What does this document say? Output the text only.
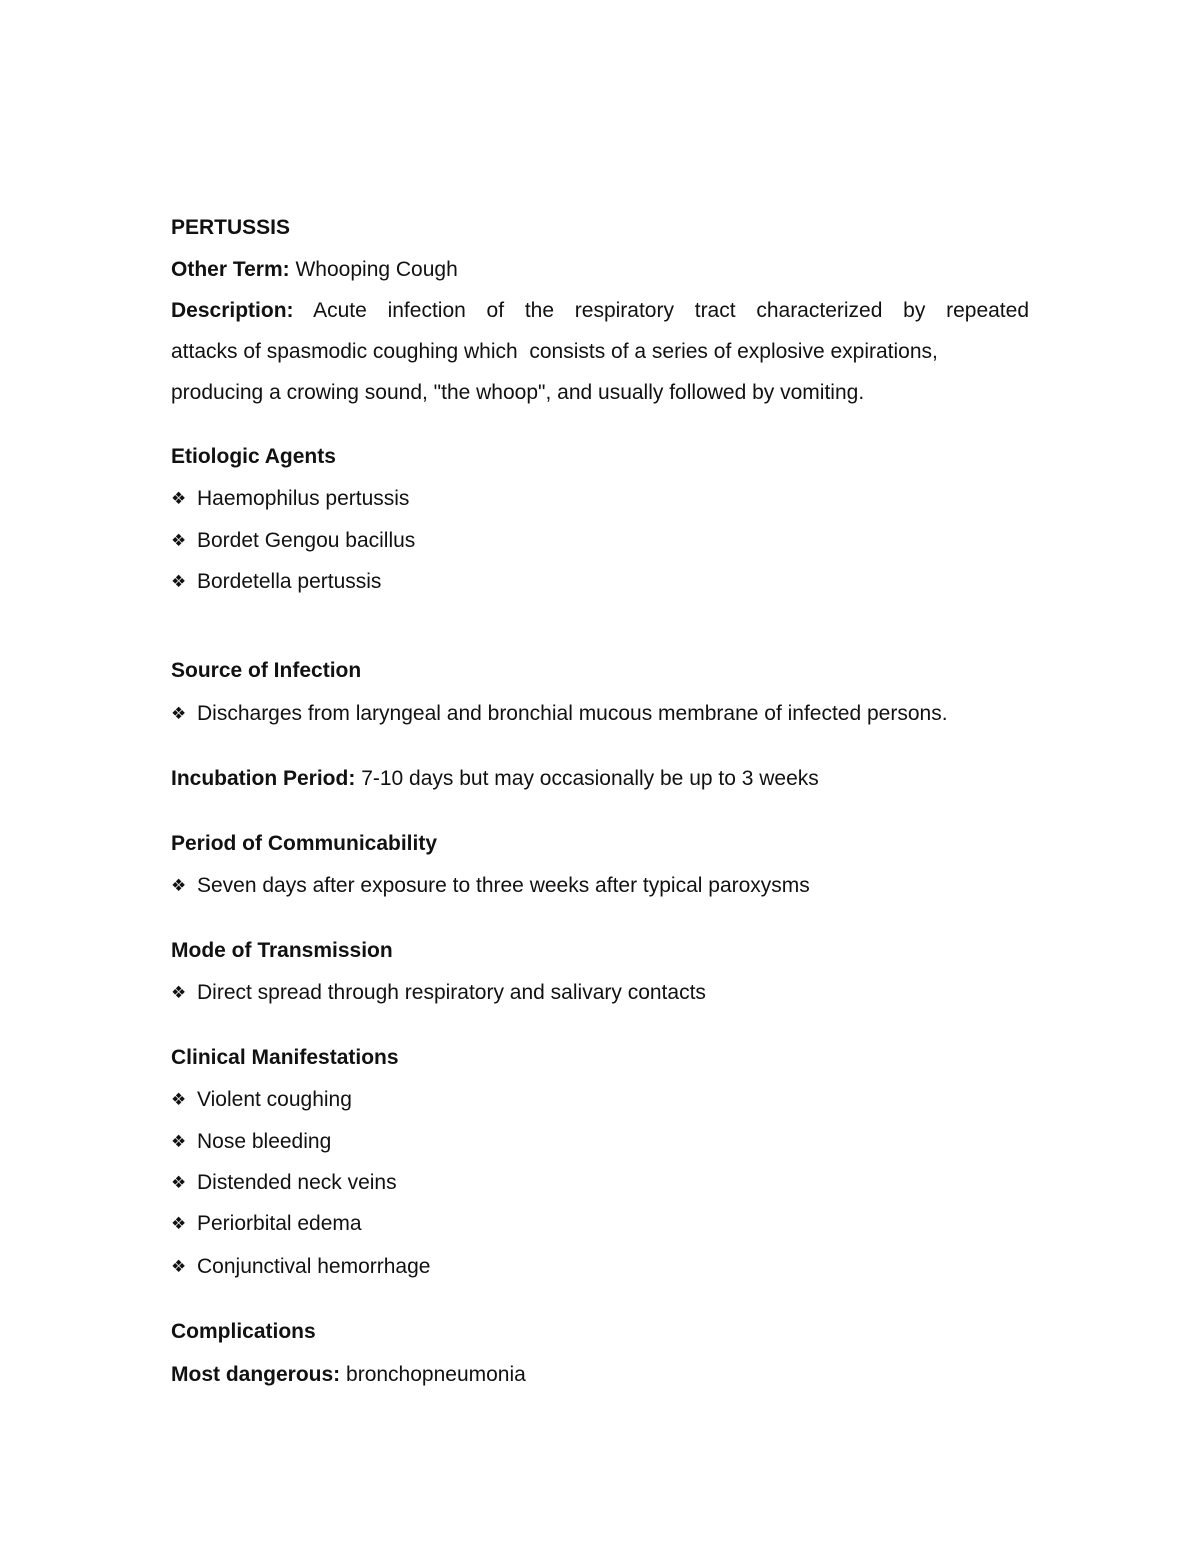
PERTUSSIS
Other Term: Whooping Cough
Description: Acute infection of the respiratory tract characterized by repeated
attacks of spasmodic coughing which  consists of a series of explosive expirations,
producing a crowing sound, "the whoop", and usually followed by vomiting.
Etiologic Agents
❖ Haemophilus pertussis
❖ Bordet Gengou bacillus
❖ Bordetella pertussis
Source of Infection
❖ Discharges from laryngeal and bronchial mucous membrane of infected persons.
Incubation Period: 7-10 days but may occasionally be up to 3 weeks
Period of Communicability
❖ Seven days after exposure to three weeks after typical paroxysms
Mode of Transmission
❖ Direct spread through respiratory and salivary contacts
Clinical Manifestations
❖ Violent coughing
❖ Nose bleeding
❖ Distended neck veins
❖ Periorbital edema
❖ Conjunctival hemorrhage
Complications
Most dangerous: bronchopneumonia
